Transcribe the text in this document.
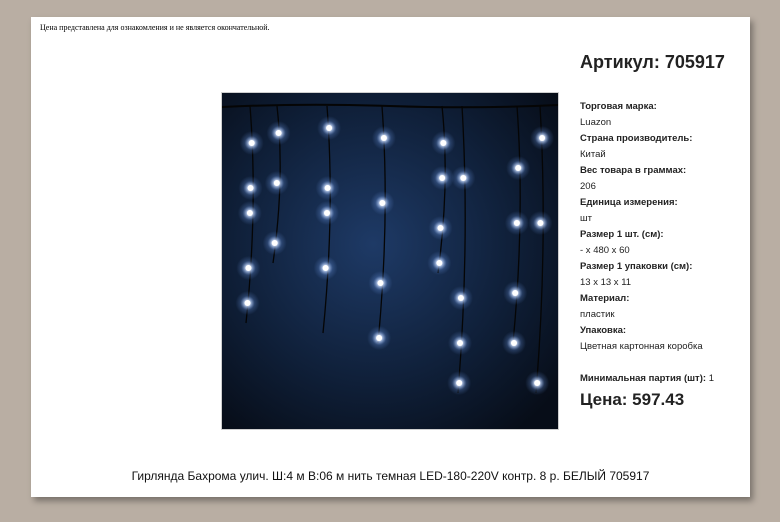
Цена представлена для ознакомления и не является окончательной.
Артикул: 705917
Торговая марка:
Luazon
Страна производитель:
Китай
Вес товара в граммах:
206
Единица измерения:
шт
Размер 1 шт. (см):
- х 480 х 60
Размер 1 упаковки (см):
13 х 13 х 11
Материал:
пластик
Упаковка:
Цветная картонная коробка
Минимальная партия (шт): 1
Цена: 597.43
Гирлянда Бахрома улич. Ш:4 м В:06 м нить темная LED-180-220V контр. 8 р. БЕЛЫЙ 705917
